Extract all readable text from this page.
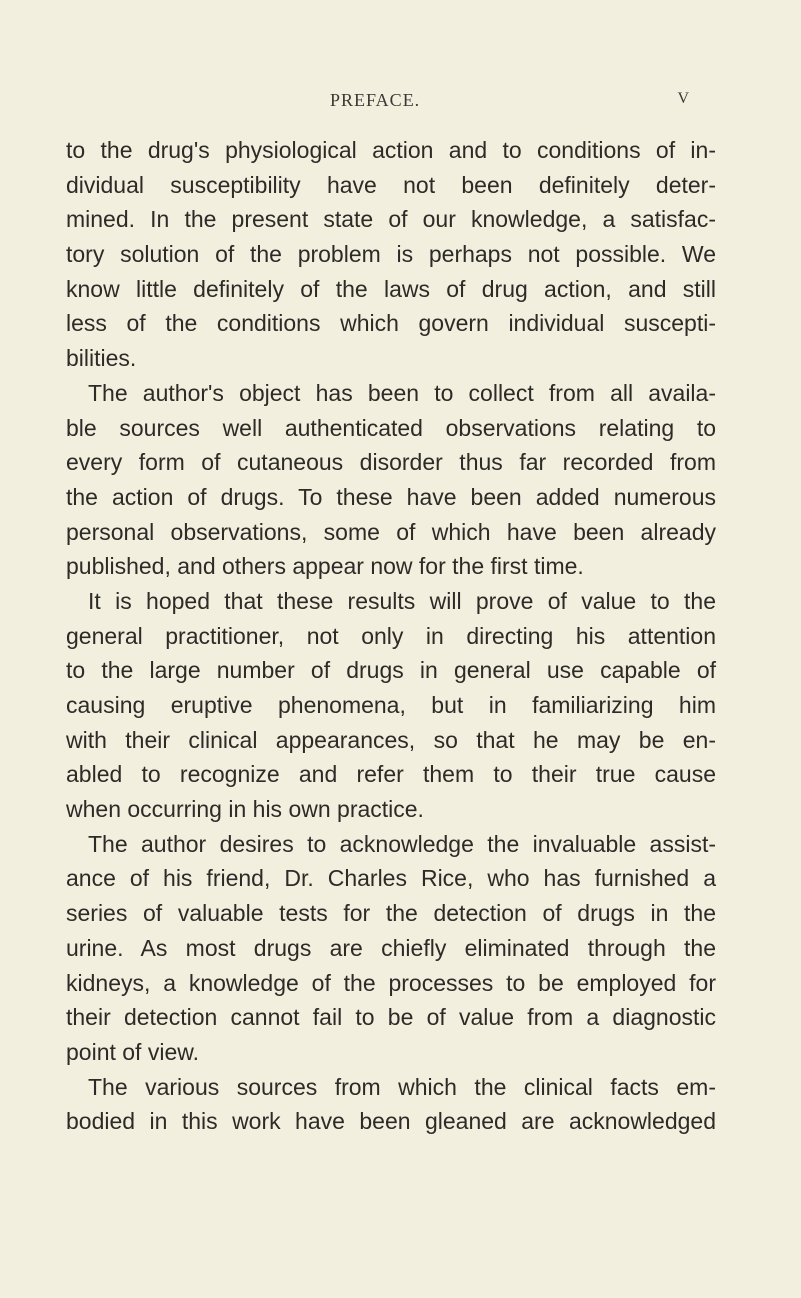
PREFACE.	V
to the drug's physiological action and to conditions of in-
dividual susceptibility have not been definitely deter-
mined. In the present state of our knowledge, a satisfac-
tory solution of the problem is perhaps not possible. We
know little definitely of the laws of drug action, and still
less of the conditions which govern individual suscepti-
bilities.
The author's object has been to collect from all availa-
ble sources well authenticated observations relating to
every form of cutaneous disorder thus far recorded from
the action of drugs. To these have been added numerous
personal observations, some of which have been already
published, and others appear now for the first time.
It is hoped that these results will prove of value to the
general practitioner, not only in directing his attention
to the large number of drugs in general use capable of
causing eruptive phenomena, but in familiarizing him
with their clinical appearances, so that he may be en-
abled to recognize and refer them to their true cause
when occurring in his own practice.
The author desires to acknowledge the invaluable assist-
ance of his friend, Dr. Charles Rice, who has furnished a
series of valuable tests for the detection of drugs in the
urine. As most drugs are chiefly eliminated through the
kidneys, a knowledge of the processes to be employed for
their detection cannot fail to be of value from a diagnostic
point of view.
The various sources from which the clinical facts em-
bodied in this work have been gleaned are acknowledged
